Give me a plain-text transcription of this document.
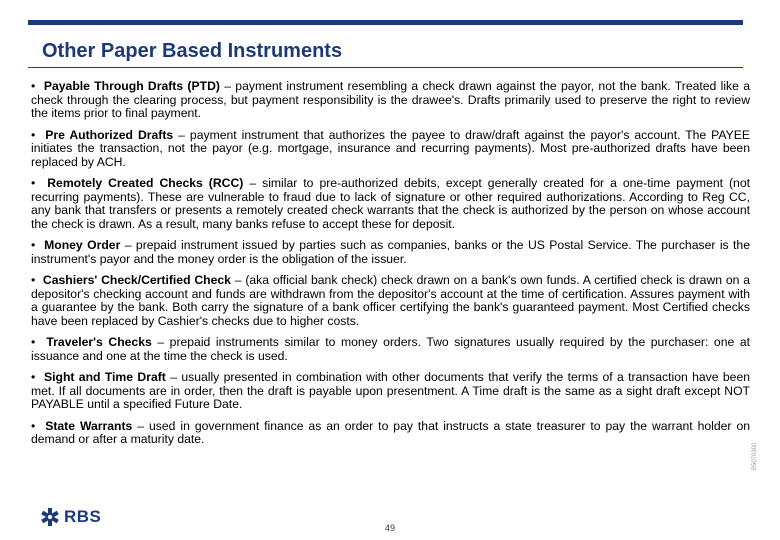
Other Paper Based Instruments

•  Payable Through Drafts (PTD) – payment instrument resembling a check drawn against the payor, not the bank. Treated like a check through the clearing process, but payment responsibility is the drawee's. Drafts primarily used to preserve the right to review the items prior to final payment.

•  Pre Authorized Drafts – payment instrument that authorizes the payee to draw/draft against the payor's account. The PAYEE initiates the transaction, not the payor (e.g. mortgage, insurance and recurring payments). Most pre-authorized drafts have been replaced by ACH.

•  Remotely Created Checks (RCC) – similar to pre-authorized debits, except generally created for a one-time payment (not recurring payments). These are vulnerable to fraud due to lack of signature or other required authorizations. According to Reg CC, any bank that transfers or presents a remotely created check warrants that the check is authorized by the person on whose account the check is drawn. As a result, many banks refuse to accept these for deposit.

•  Money Order – prepaid instrument issued by parties such as companies, banks or the US Postal Service. The purchaser is the instrument's payor and the money order is the obligation of the issuer.

•  Cashiers' Check/Certified Check – (aka official bank check) check drawn on a bank's own funds. A certified check is drawn on a depositor's checking account and funds are withdrawn from the depositor's account at the time of certification. Assures payment with a guarantee by the bank. Both carry the signature of a bank officer certifying the bank's guaranteed payment. Most Certified checks have been replaced by Cashier's checks due to higher costs.

•  Traveler's Checks – prepaid instruments similar to money orders. Two signatures usually required by the purchaser: one at issuance and one at the time the check is used.

•  Sight and Time Draft – usually presented in combination with other documents that verify the terms of a transaction have been met. If all documents are in order, then the draft is payable upon presentment. A Time draft is the same as a sight draft except NOT PAYABLE until a specified Future Date.

•  State Warrants – used in government finance as an order to pay that instructs a state treasurer to pay the warrant holder on demand or after a maturity date.

RBS
49
B5070300
